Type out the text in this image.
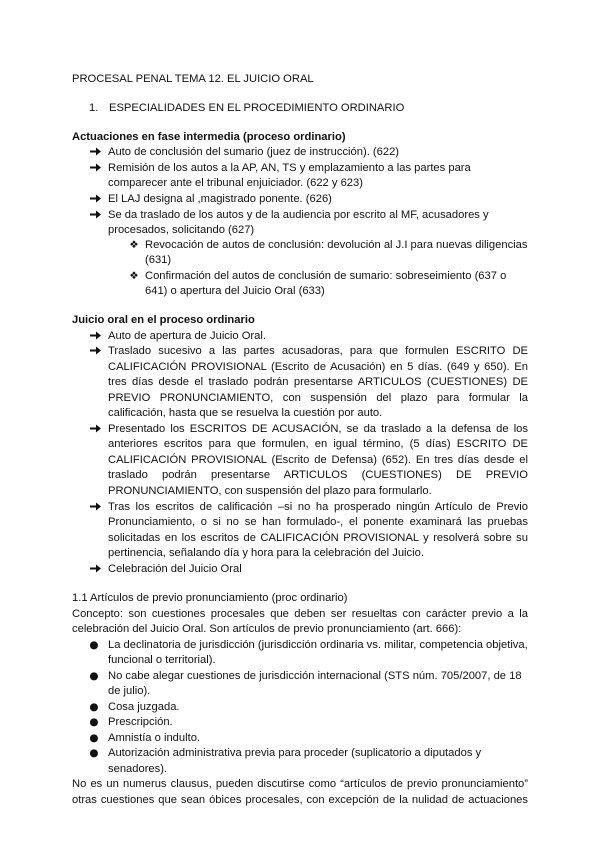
PROCESAL PENAL TEMA 12. EL JUICIO ORAL
1. ESPECIALIDADES EN EL PROCEDIMIENTO ORDINARIO
Actuaciones en fase intermedia (proceso ordinario)
Auto de conclusión del sumario (juez de instrucción). (622)
Remisión de los autos a la AP, AN, TS y emplazamiento a las partes para
comparecer ante el tribunal enjuiciador. (622 y 623)
El LAJ designa al ,magistrado ponente. (626)
Se da traslado de los autos y de la audiencia por escrito al MF, acusadores y
procesados, solicitando (627)
❖ Revocación de autos de conclusión: devolución al J.I para nuevas diligencias
(631)
❖ Confirmación del autos de conclusión de sumario: sobreseimiento (637 o
641) o apertura del Juicio Oral (633)
Juicio oral en el proceso ordinario
Auto de apertura de Juicio Oral.
Traslado sucesivo a las partes acusadoras, para que formulen ESCRITO DE
CALIFICACIÓN PROVISIONAL (Escrito de Acusación) en 5 días. (649 y 650). En
tres días desde el traslado podrán presentarse ARTICULOS (CUESTIONES) DE
PREVIO PRONUNCIAMIENTO, con suspensión del plazo para formular la
calificación, hasta que se resuelva la cuestión por auto.
Presentado los ESCRITOS DE ACUSACIÓN, se da traslado a la defensa de los
anteriores escritos para que formulen, en igual término, (5 días) ESCRITO DE
CALIFICACIÓN PROVISIONAL (Escrito de Defensa) (652). En tres días desde el
traslado podrán presentarse ARTICULOS (CUESTIONES) DE PREVIO
PRONUNCIAMIENTO, con suspensión del plazo para formularlo.
Tras los escritos de calificación –si no ha prosperado ningún Artículo de Previo
Pronunciamiento, o si no se han formulado-, el ponente examinará las pruebas
solicitadas en los escritos de CALIFICACIÓN PROVISIONAL y resolverá sobre su
pertinencia, señalando día y hora para la celebración del Juicio.
Celebración del Juicio Oral
1.1 Artículos de previo pronunciamiento (proc ordinario)
Concepto: son cuestiones procesales que deben ser resueltas con carácter previo a la
celebración del Juicio Oral. Son artículos de previo pronunciamiento (art. 666):
● La declinatoria de jurisdicción (jurisdicción ordinaria vs. militar, competencia objetiva,
funcional o territorial).
● No cabe alegar cuestiones de jurisdicción internacional (STS núm. 705/2007, de 18
de julio).
● Cosa juzgada.
● Prescripción.
● Amnistía o indulto.
● Autorización administrativa previa para proceder (suplicatorio a diputados y
senadores).
No es un numerus clausus, pueden discutirse como “artículos de previo pronunciamiento”
otras cuestiones que sean óbices procesales, con excepción de la nulidad de actuaciones
